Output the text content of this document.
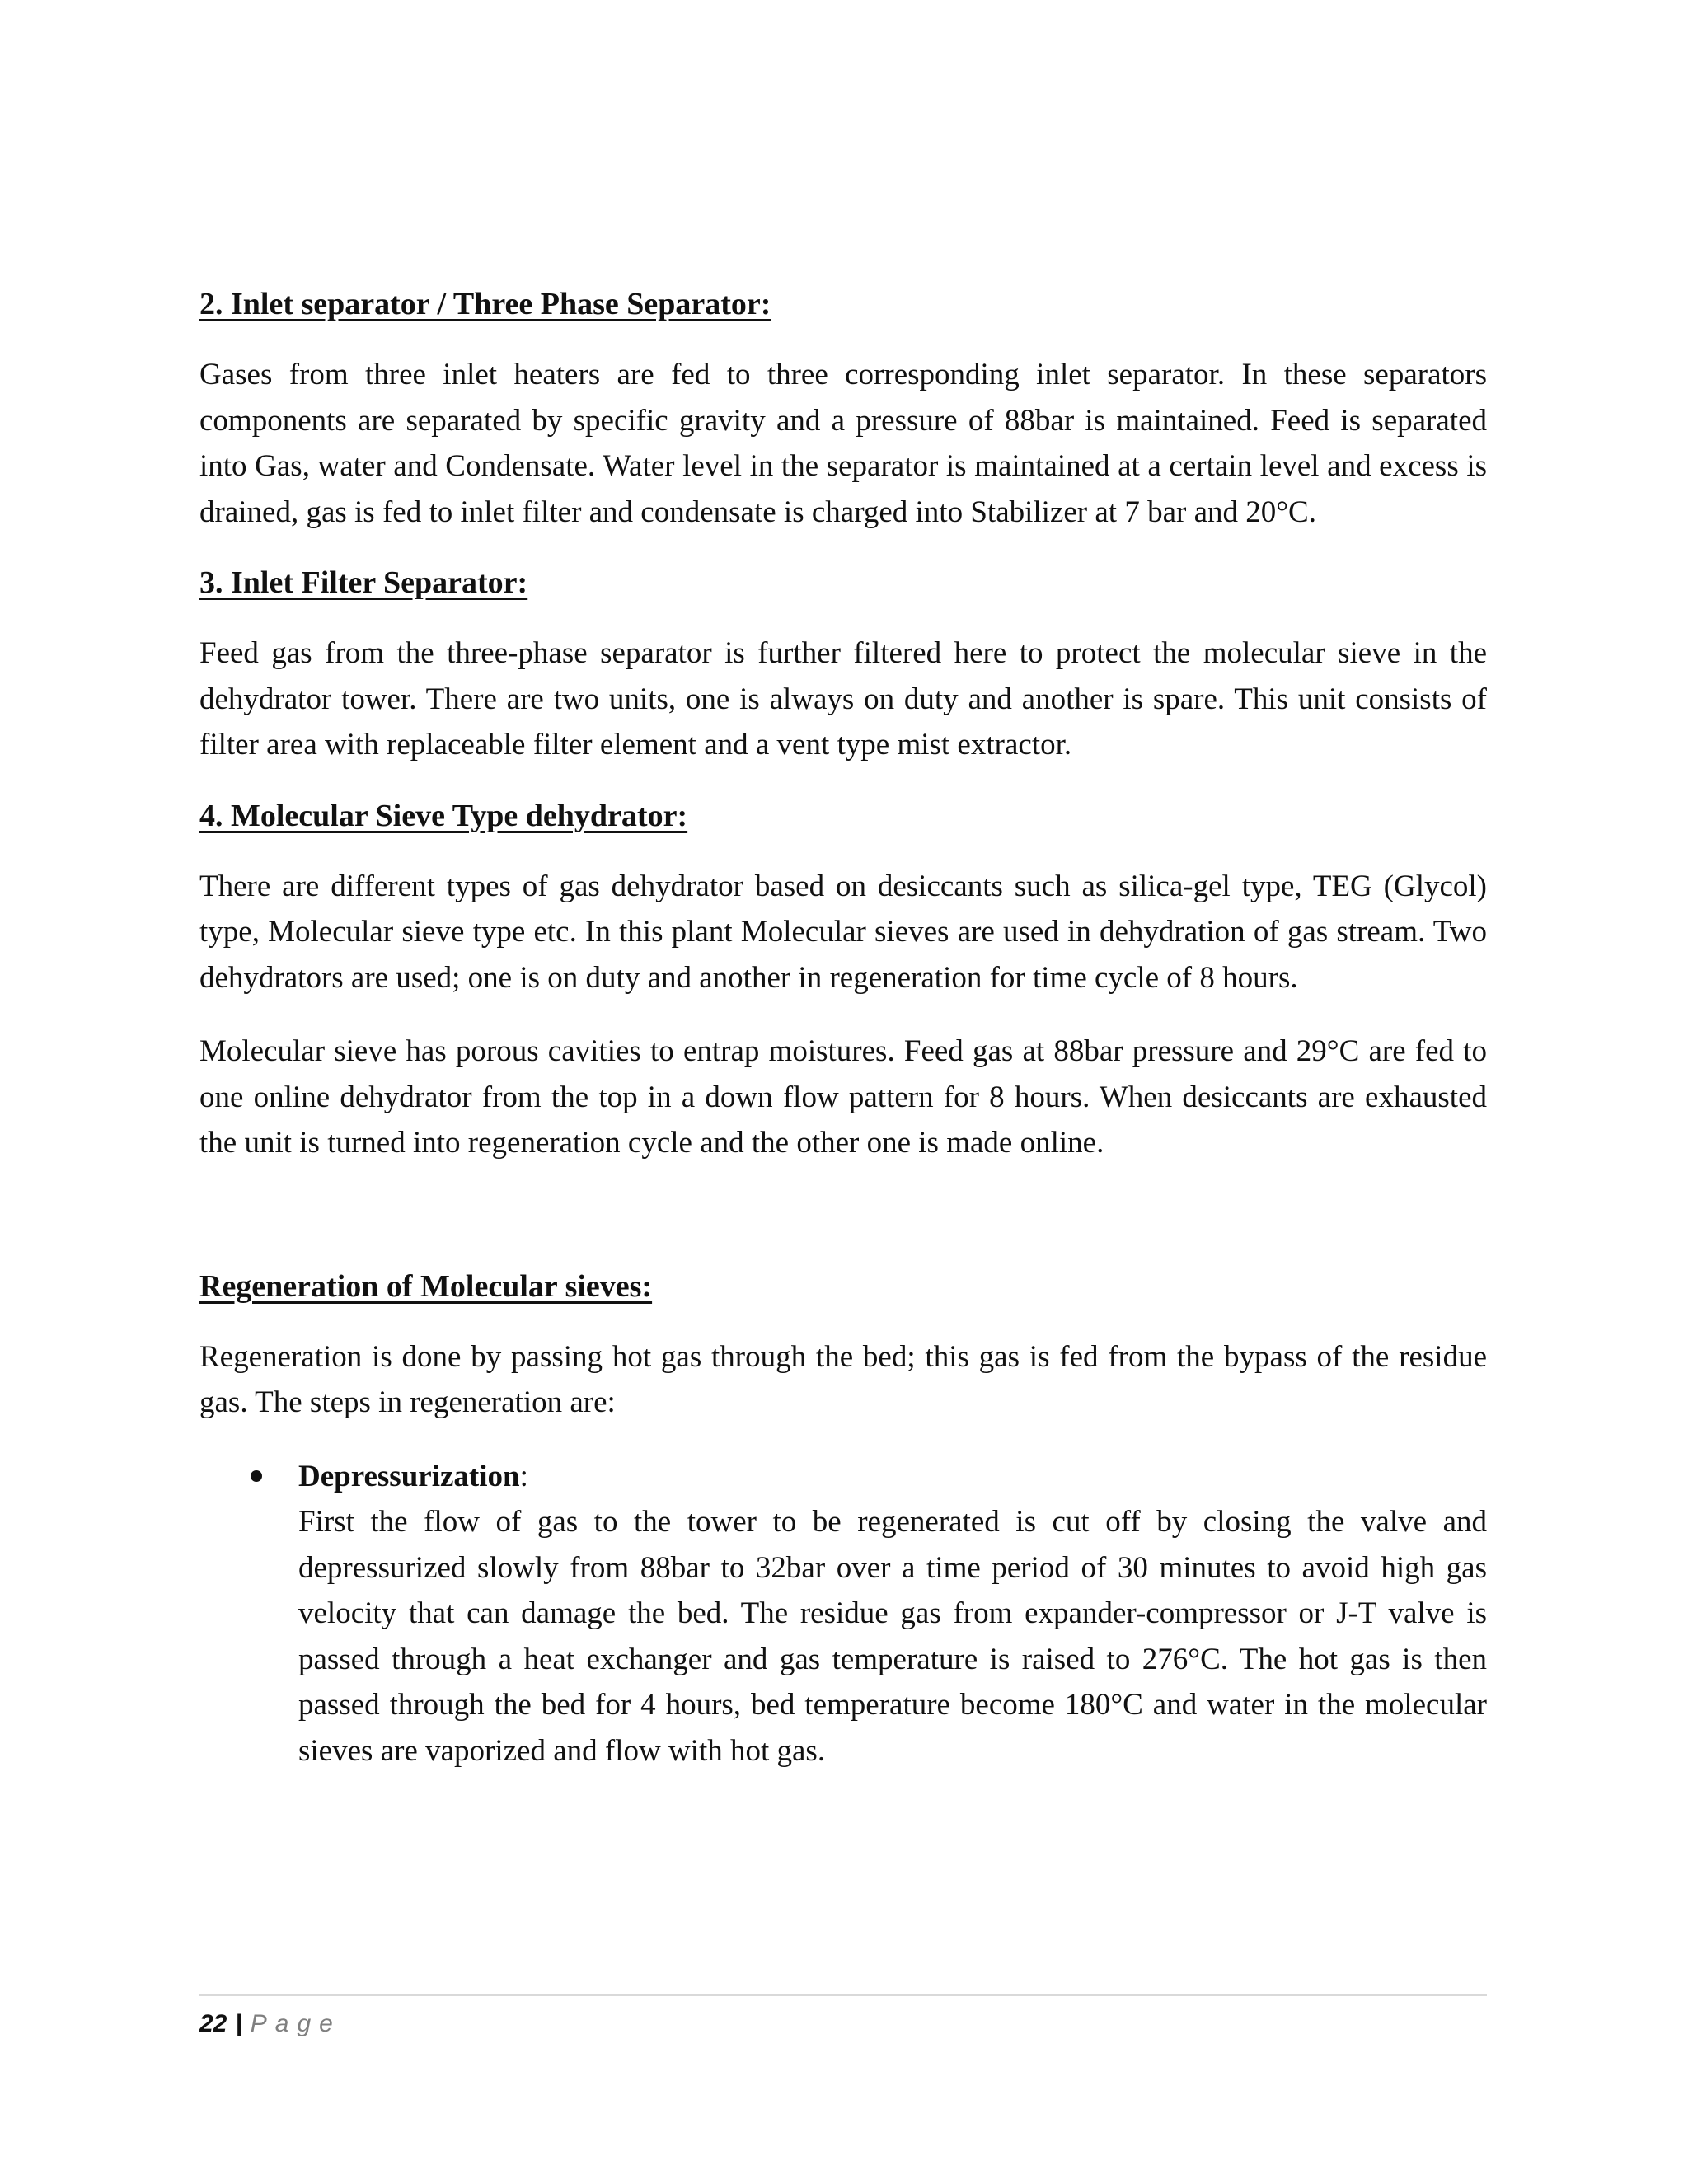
2. Inlet separator / Three Phase Separator:

Gases from three inlet heaters are fed to three corresponding inlet separator. In these separators components are separated by specific gravity and a pressure of 88bar is maintained. Feed is separated into Gas, water and Condensate. Water level in the separator is maintained at a certain level and excess is drained, gas is fed to inlet filter and condensate is charged into Stabilizer at 7 bar and 20°C.

3. Inlet Filter Separator:

Feed gas from the three-phase separator is further filtered here to protect the molecular sieve in the dehydrator tower. There are two units, one is always on duty and another is spare. This unit consists of filter area with replaceable filter element and a vent type mist extractor.

4. Molecular Sieve Type dehydrator:

There are different types of gas dehydrator based on desiccants such as silica-gel type, TEG (Glycol) type, Molecular sieve type etc. In this plant Molecular sieves are used in dehydration of gas stream. Two dehydrators are used; one is on duty and another in regeneration for time cycle of 8 hours.

Molecular sieve has porous cavities to entrap moistures. Feed gas at 88bar pressure and 29°C are fed to one online dehydrator from the top in a down flow pattern for 8 hours. When desiccants are exhausted the unit is turned into regeneration cycle and the other one is made online.

Regeneration of Molecular sieves:

Regeneration is done by passing hot gas through the bed; this gas is fed from the bypass of the residue gas. The steps in regeneration are:

Depressurization:
First the flow of gas to the tower to be regenerated is cut off by closing the valve and depressurized slowly from 88bar to 32bar over a time period of 30 minutes to avoid high gas velocity that can damage the bed. The residue gas from expander-compressor or J-T valve is passed through a heat exchanger and gas temperature is raised to 276°C. The hot gas is then passed through the bed for 4 hours, bed temperature become 180°C and water in the molecular sieves are vaporized and flow with hot gas.
22 | Page
